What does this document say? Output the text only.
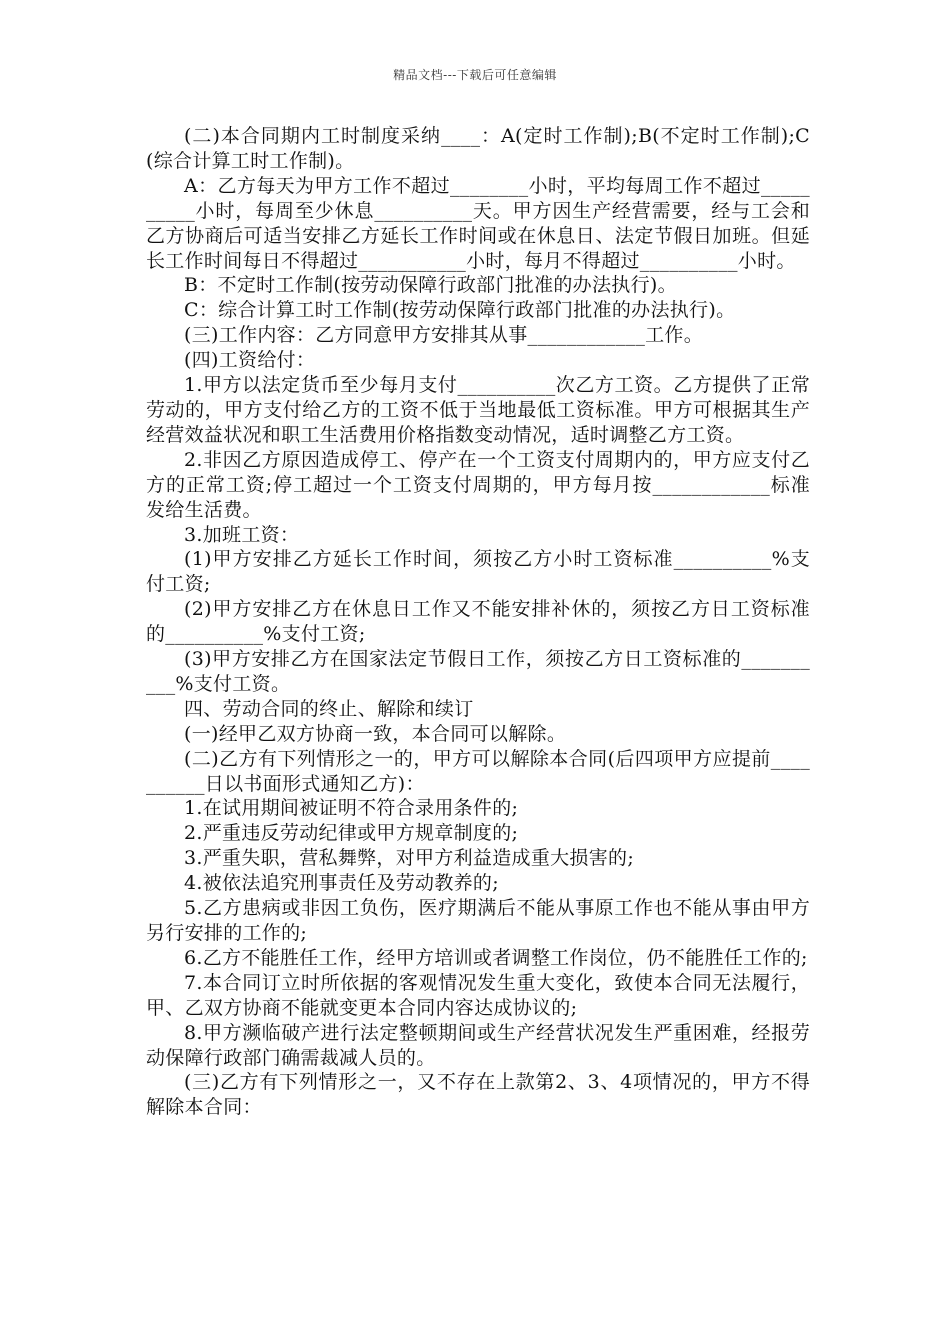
精品文档---下载后可任意编辑

(二)本合同期内工时制度采纳____：A(定时工作制);B(不定时工作制);C(综合计算工时工作制)。

A：乙方每天为甲方工作不超过________小时，平均每周工作不超过__________小时，每周至少休息__________天。甲方因生产经营需要，经与工会和乙方协商后可适当安排乙方延长工作时间或在休息日、法定节假日加班。但延长工作时间每日不得超过___________小时，每月不得超过__________小时。

B：不定时工作制(按劳动保障行政部门批准的办法执行)。

C：综合计算工时工作制(按劳动保障行政部门批准的办法执行)。

(三)工作内容：乙方同意甲方安排其从事____________工作。

(四)工资给付：

1.甲方以法定货币至少每月支付__________次乙方工资。乙方提供了正常劳动的，甲方支付给乙方的工资不低于当地最低工资标准。甲方可根据其生产经营效益状况和职工生活费用价格指数变动情况，适时调整乙方工资。

2.非因乙方原因造成停工、停产在一个工资支付周期内的，甲方应支付乙方的正常工资;停工超过一个工资支付周期的，甲方每月按____________标准发给生活费。

3.加班工资：

(1)甲方安排乙方延长工作时间，须按乙方小时工资标准__________%支付工资;

(2)甲方安排乙方在休息日工作又不能安排补休的，须按乙方日工资标准的__________%支付工资;

(3)甲方安排乙方在国家法定节假日工作，须按乙方日工资标准的__________%支付工资。

四、劳动合同的终止、解除和续订

(一)经甲乙双方协商一致，本合同可以解除。

(二)乙方有下列情形之一的，甲方可以解除本合同(后四项甲方应提前__________日以书面形式通知乙方)：

1.在试用期间被证明不符合录用条件的;

2.严重违反劳动纪律或甲方规章制度的;

3.严重失职，营私舞弊，对甲方利益造成重大损害的;

4.被依法追究刑事责任及劳动教养的;

5.乙方患病或非因工负伤，医疗期满后不能从事原工作也不能从事由甲方另行安排的工作的;

6.乙方不能胜任工作，经甲方培训或者调整工作岗位，仍不能胜任工作的;

7.本合同订立时所依据的客观情况发生重大变化，致使本合同无法履行，甲、乙双方协商不能就变更本合同内容达成协议的;

8.甲方濒临破产进行法定整顿期间或生产经营状况发生严重困难，经报劳动保障行政部门确需裁减人员的。

(三)乙方有下列情形之一，又不存在上款第2、3、4项情况的，甲方不得解除本合同：
